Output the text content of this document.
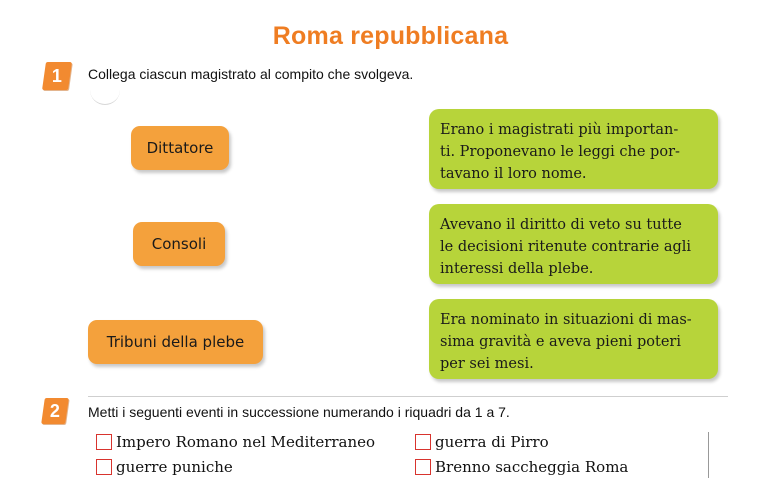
Roma repubblicana
1 Collega ciascun magistrato al compito che svolgeva.
Dittatore
Consoli
Tribuni della plebe
Erano i magistrati più importan-
ti. Proponevano le leggi che por-
tavano il loro nome.
Avevano il diritto di veto su tutte
le decisioni ritenute contrarie agli
interessi della plebe.
Era nominato in situazioni di mas-
sima gravità e aveva pieni poteri
per sei mesi.
2 Metti i seguenti eventi in successione numerando i riquadri da 1 a 7.
Impero Romano nel Mediterraneo
guerre puniche
guerra di Pirro
Brenno saccheggia Roma
